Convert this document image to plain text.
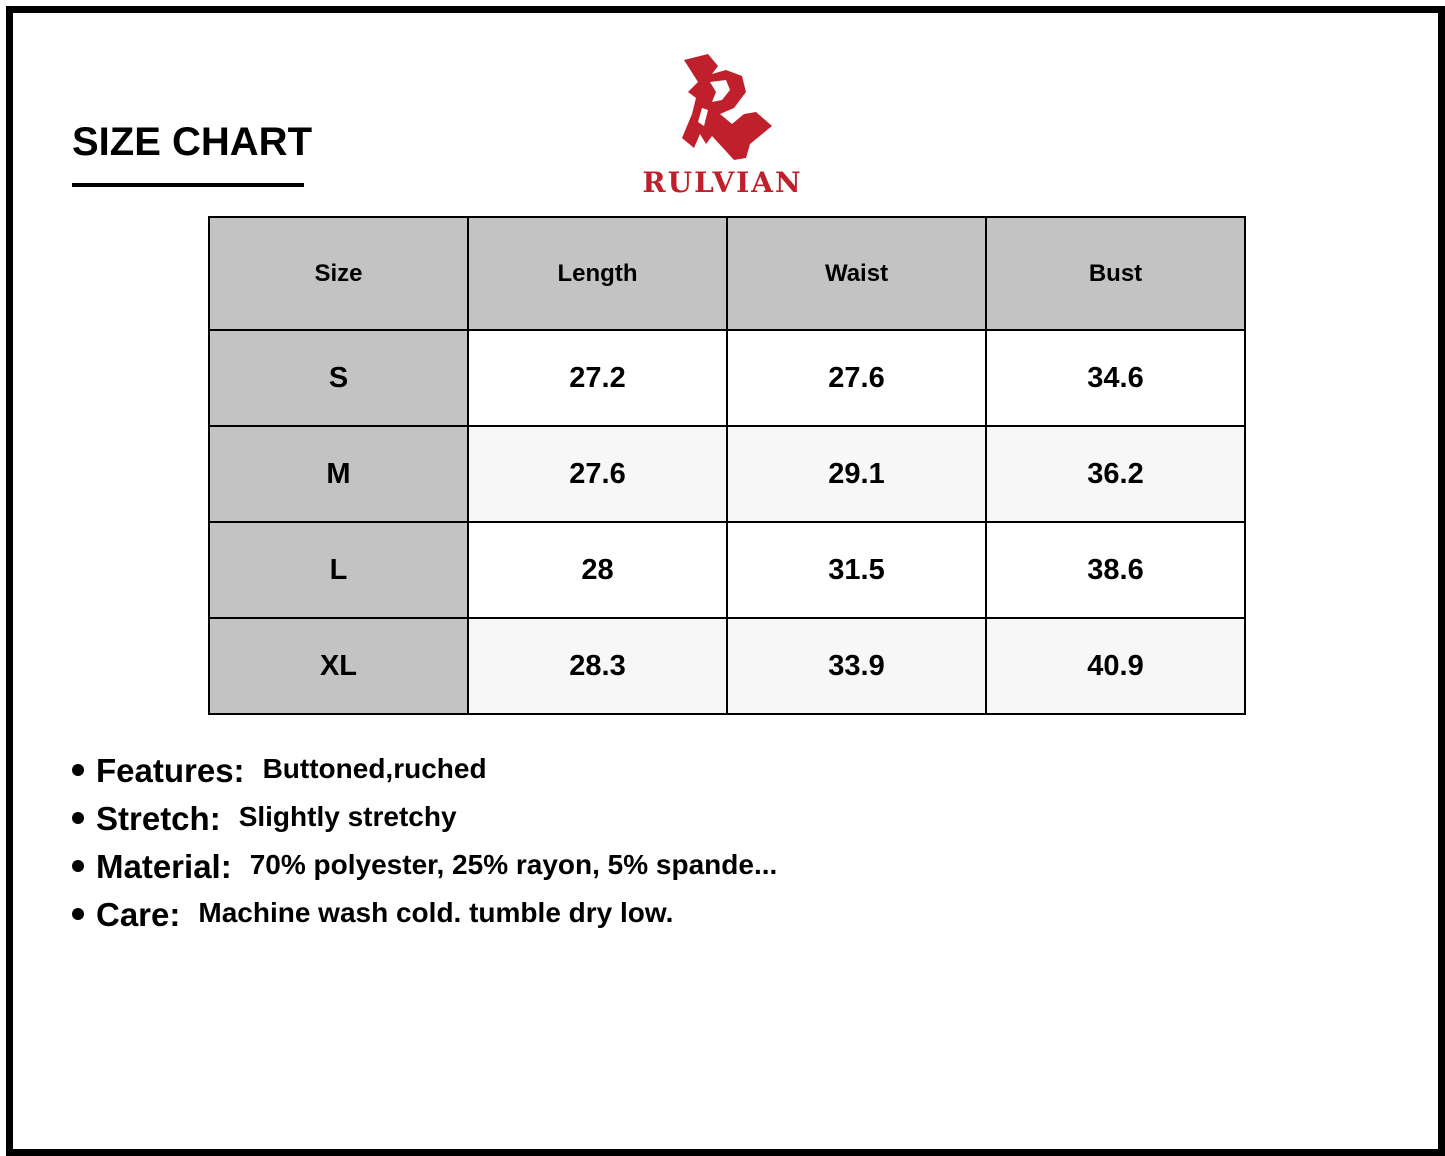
SIZE CHART
RULVIAN
Size	Length	Waist	Bust
S	27.2	27.6	34.6
M	27.6	29.1	36.2
L	28	31.5	38.6
XL	28.3	33.9	40.9
Features: Buttoned,ruched
Stretch: Slightly stretchy
Material: 70% polyester, 25% rayon, 5% spande...
Care: Machine wash cold. tumble dry low.
